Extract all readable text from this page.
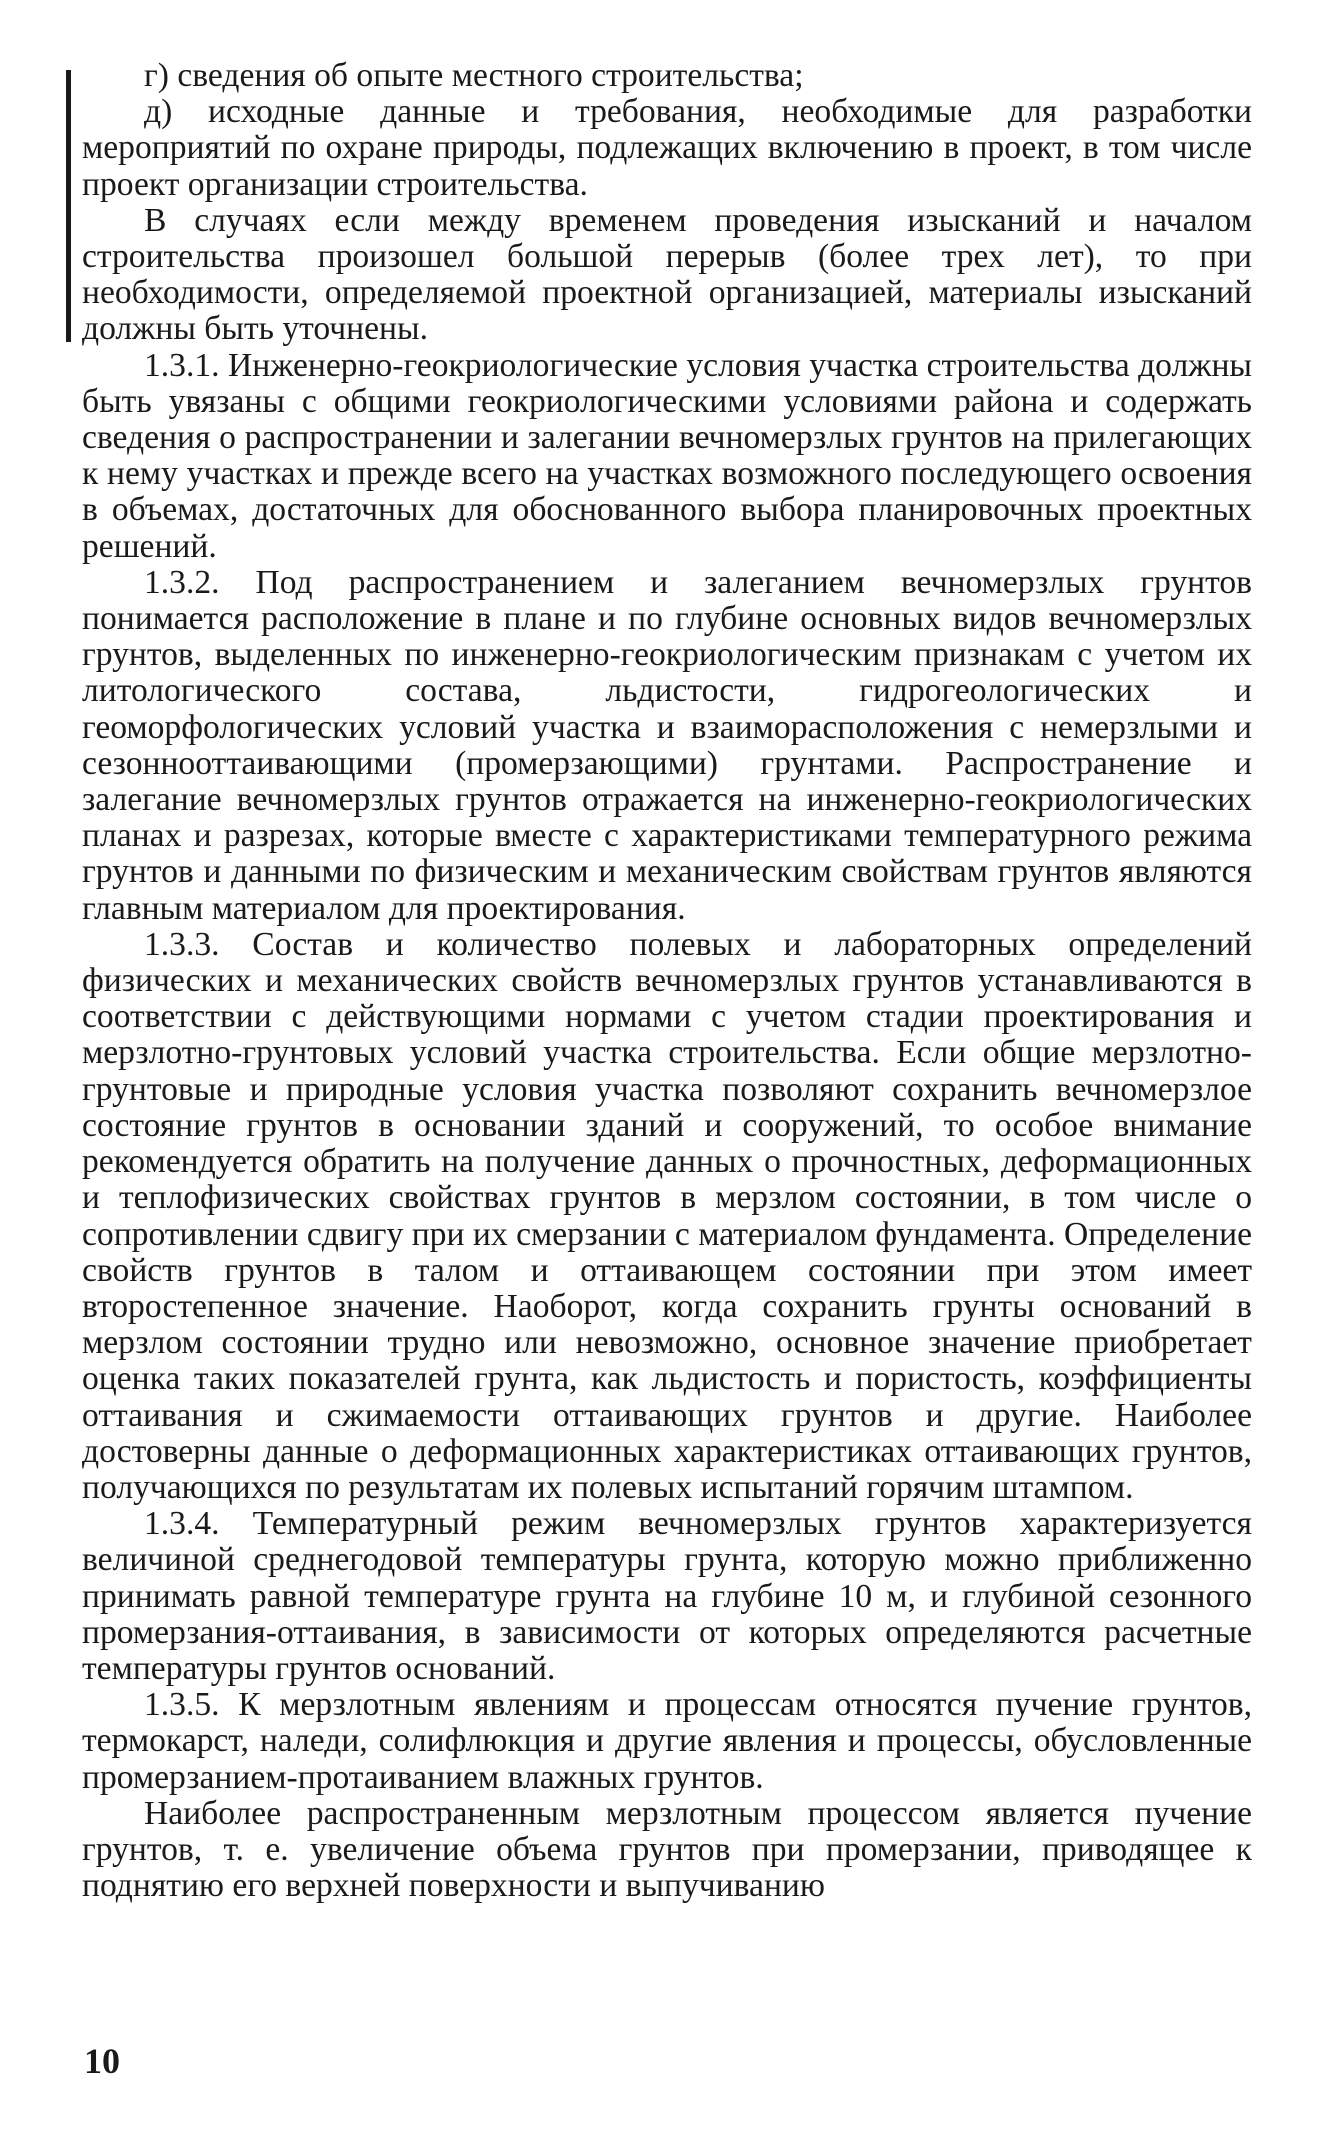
г) сведения об опыте местного строительства;

д) исходные данные и требования, необходимые для разработки мероприятий по охране природы, подлежащих включению в проект, в том числе проект организации строительства.

В случаях если между временем проведения изысканий и началом строительства произошел большой перерыв (более трех лет), то при необходимости, определяемой проектной организацией, материалы изысканий должны быть уточнены.

1.3.1. Инженерно-геокриологические условия участка строительства должны быть увязаны с общими геокриологическими условиями района и содержать сведения о распространении и залегании вечномерзлых грунтов на прилегающих к нему участках и прежде всего на участках возможного последующего освоения в объемах, достаточных для обоснованного выбора планировочных проектных решений.

1.3.2. Под распространением и залеганием вечномерзлых грунтов понимается расположение в плане и по глубине основных видов вечномерзлых грунтов, выделенных по инженерно-геокриологическим признакам с учетом их литологического состава, льдистости, гидрогеологических и геоморфологических условий участка и взаиморасположения с немерзлыми и сезоннооттаивающими (промерзающими) грунтами. Распространение и залегание вечномерзлых грунтов отражается на инженерно-геокриологических планах и разрезах, которые вместе с характеристиками температурного режима грунтов и данными по физическим и механическим свойствам грунтов являются главным материалом для проектирования.

1.3.3. Состав и количество полевых и лабораторных определений физических и механических свойств вечномерзлых грунтов устанавливаются в соответствии с действующими нормами с учетом стадии проектирования и мерзлотно-грунтовых условий участка строительства. Если общие мерзлотно-грунтовые и природные условия участка позволяют сохранить вечномерзлое состояние грунтов в основании зданий и сооружений, то особое внимание рекомендуется обратить на получение данных о прочностных, деформационных и теплофизических свойствах грунтов в мерзлом состоянии, в том числе о сопротивлении сдвигу при их смерзании с материалом фундамента. Определение свойств грунтов в талом и оттаивающем состоянии при этом имеет второстепенное значение. Наоборот, когда сохранить грунты оснований в мерзлом состоянии трудно или невозможно, основное значение приобретает оценка таких показателей грунта, как льдистость и пористость, коэффициенты оттаивания и сжимаемости оттаивающих грунтов и другие. Наиболее достоверны данные о деформационных характеристиках оттаивающих грунтов, получающихся по результатам их полевых испытаний горячим штампом.

1.3.4. Температурный режим вечномерзлых грунтов характеризуется величиной среднегодовой температуры грунта, которую можно приближенно принимать равной температуре грунта на глубине 10 м, и глубиной сезонного промерзания-оттаивания, в зависимости от которых определяются расчетные температуры грунтов оснований.

1.3.5. К мерзлотным явлениям и процессам относятся пучение грунтов, термокарст, наледи, солифлюкция и другие явления и процессы, обусловленные промерзанием-протаиванием влажных грунтов.

Наиболее распространенным мерзлотным процессом является пучение грунтов, т. е. увеличение объема грунтов при промерзании, приводящее к поднятию его верхней поверхности и выпучиванию

10
